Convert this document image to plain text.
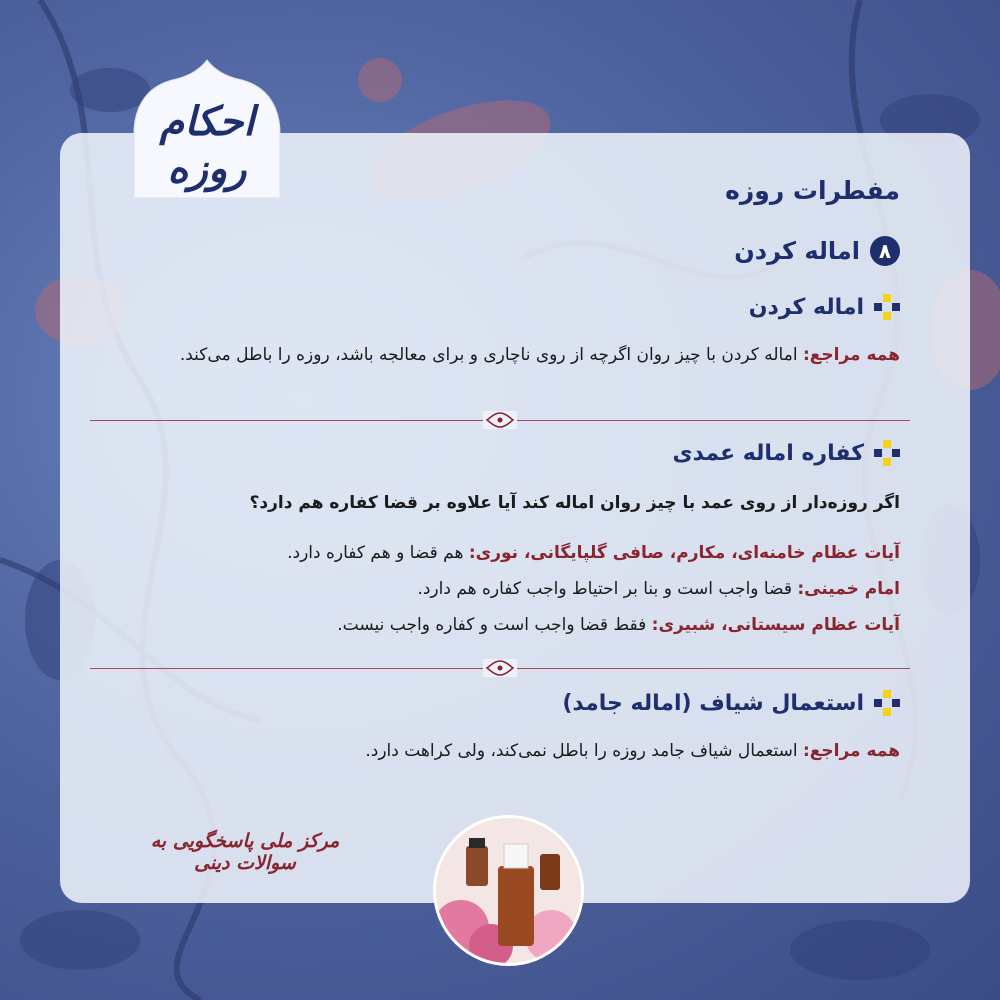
احکام روزه	مفطرات روزه
۸
اماله کردن
اماله کردن
همه مراجع: اماله کردن با چیز روان اگرچه از روی ناچاری و برای معالجه باشد، روزه را باطل می‌کند.
کفاره اماله عمدی
اگر روزه‌دار از روی عمد با چیز روان اماله کند آیا علاوه بر قضا کفاره هم دارد؟
آیات عظام خامنه‌ای، مکارم، صافی گلپایگانی، نوری: هم قضا و هم کفاره دارد.
امام خمینی: قضا واجب است و بنا بر احتیاط واجب کفاره هم دارد.
آیات عظام سیستانی، شبیری: فقط قضا واجب است و کفاره واجب نیست.
استعمال شیاف (اماله جامد)
همه مراجع: استعمال شیاف جامد روزه را باطل نمی‌کند، ولی کراهت دارد.
مرکز ملی پاسخگویی به سوالات دینی
